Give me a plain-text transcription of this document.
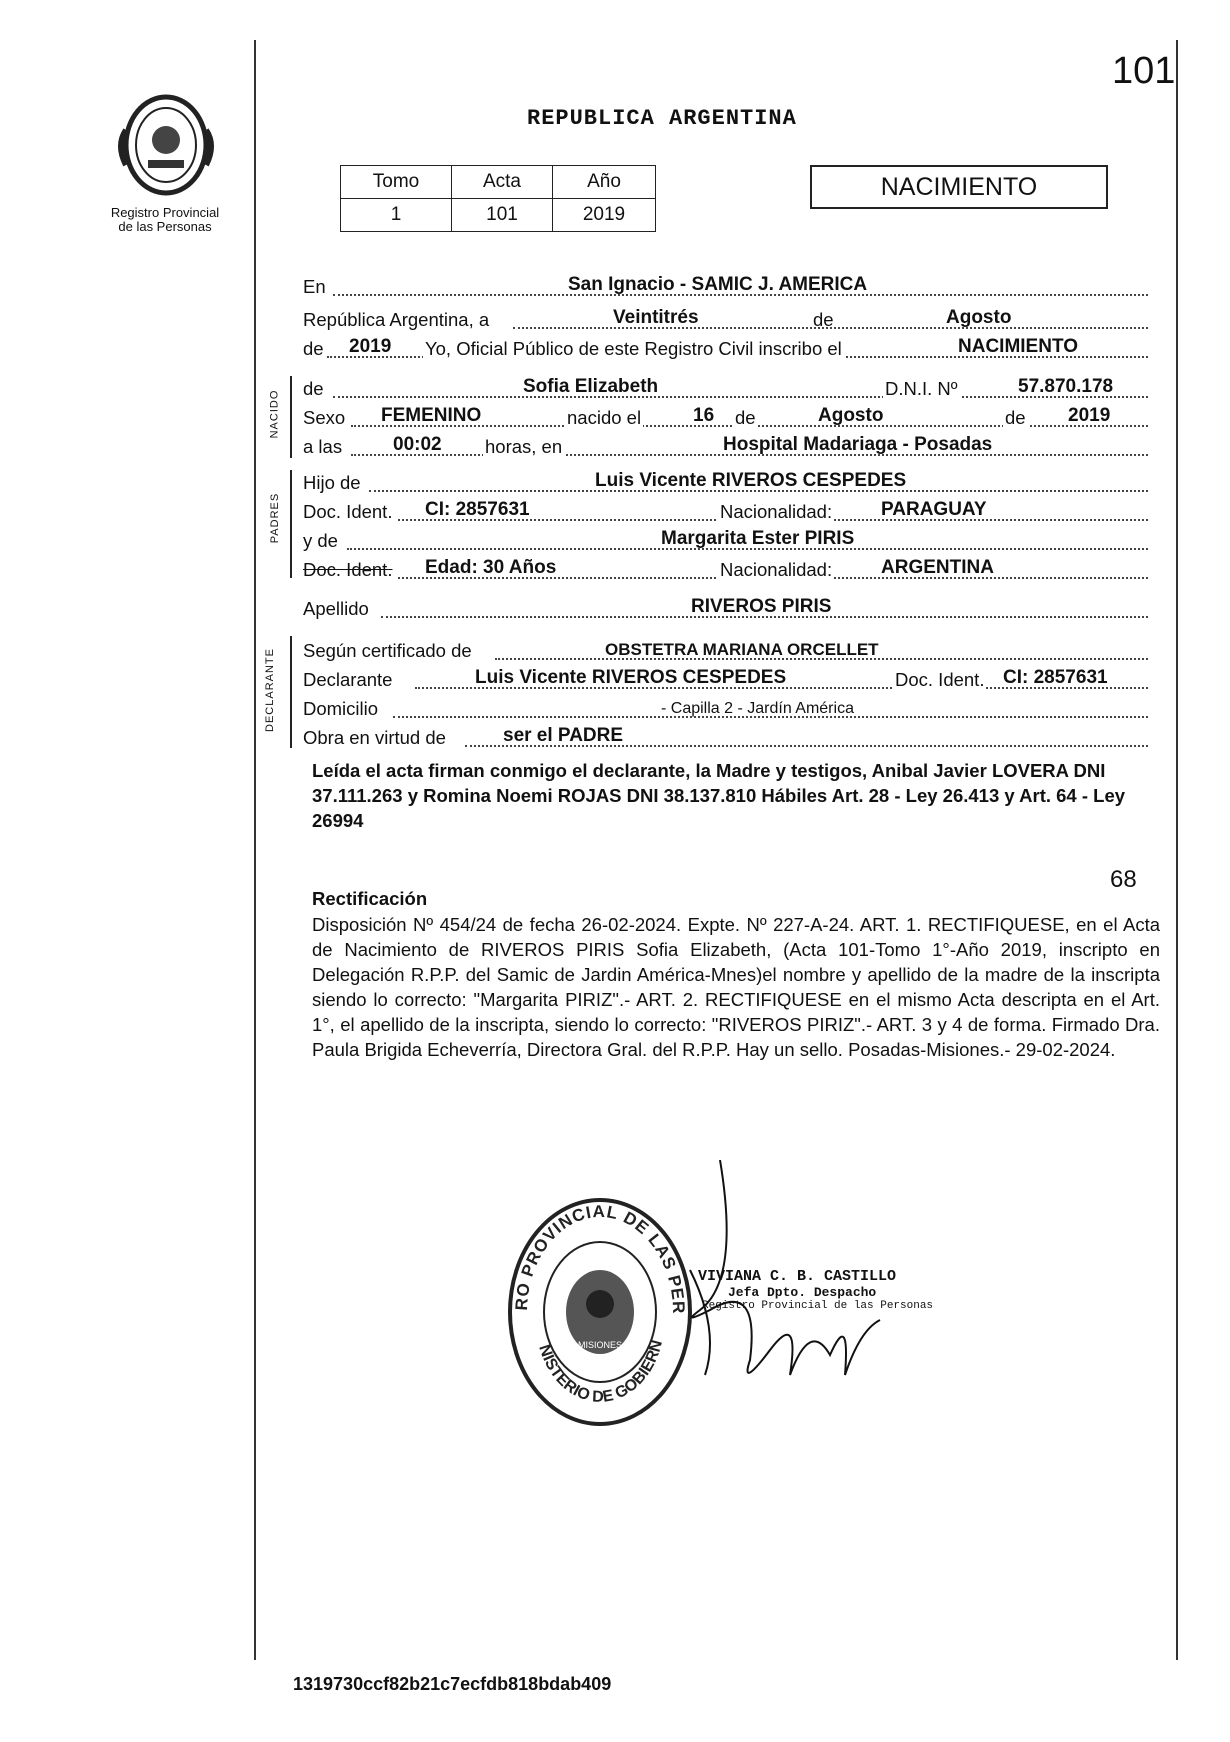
101
Registro Provincial
de las Personas
REPUBLICA ARGENTINA
Tomo	Acta	Año
1	101	2019
NACIMIENTO
En	San Ignacio - SAMIC J. AMERICA
República Argentina, a	Veintitrés	de	Agosto
de 2019 Yo, Oficial Público de este Registro Civil inscribo el	NACIMIENTO
NACIDO
de	Sofia Elizabeth	D.N.I. Nº	57.870.178
Sexo FEMENINO	nacido el	16 de	Agosto	de 2019
a las	00:02 horas, en	Hospital Madariaga - Posadas
PADRES
Hijo de	Luis Vicente RIVEROS CESPEDES
Doc. Ident. CI: 2857631	Nacionalidad:	PARAGUAY
y de	Margarita Ester PIRIS
Doc. Ident. Edad: 30 Años	Nacionalidad:	ARGENTINA
Apellido	RIVEROS PIRIS
DECLARANTE Según certificado de	OBSTETRA MARIANA ORCELLET
Declarante	Luis Vicente RIVEROS CESPEDES	Doc. Ident. CI: 2857631
Domicilio	- Capilla 2 - Jardín América
Obra en virtud de	ser el PADRE
Leída el acta firman conmigo el declarante, la Madre y testigos, Anibal Javier LOVERA DNI 37.111.263 y Romina Noemi ROJAS DNI 38.137.810 Hábiles Art. 28 - Ley 26.413 y Art. 64 - Ley 26994
68
Rectificación
Disposición Nº 454/24 de fecha 26-02-2024. Expte. Nº 227-A-24. ART. 1. RECTIFIQUESE, en el Acta de Nacimiento de RIVEROS PIRIS Sofia Elizabeth, (Acta 101-Tomo 1°-Año 2019, inscripto en Delegación R.P.P. del Samic de Jardin América-Mnes)el nombre y apellido de la madre de la inscripta siendo lo correcto: "Margarita PIRIZ".- ART. 2. RECTIFIQUESE en el mismo Acta descripta en el Art. 1°, el apellido de la inscripta, siendo lo correcto: "RIVEROS PIRIZ".- ART. 3 y 4 de forma. Firmado Dra. Paula Brigida Echeverría, Directora Gral. del R.P.P. Hay un sello. Posadas-Misiones.- 29-02-2024.
RO PROVINCIAL DE LAS PER
NISTERIO DE GOBIERN
MISIONES
VIVIANA C. B. CASTILLO
Jefa Dpto. Despacho
Registro Provincial de las Personas
1319730ccf82b21c7ecfdb818bdab409
